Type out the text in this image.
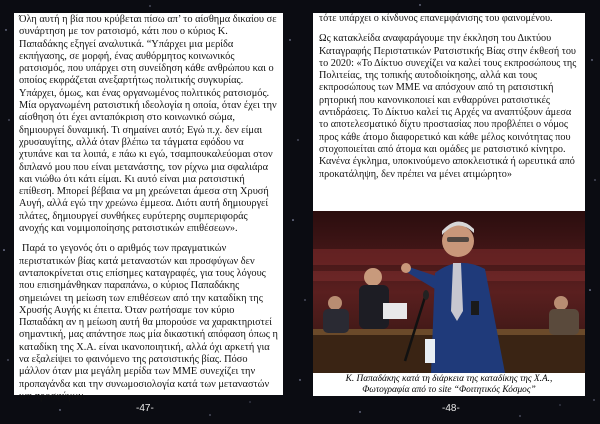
Όλη αυτή η βία που κρύβεται πίσω απ’ το αίσθημα δικαίου σε συνάρτηση με τον ρατσισμό, κάτι που ο κύριος Κ. Παπαδάκης εξηγεί αναλυτικά. “Υπάρχει μια μερίδα εκπήγασης, σε μορφή, ένας αυθόρμητος κοινωνικός ρατσισμός, που υπάρχει στη συνείδηση κάθε ανθρώπου και ο οποίος εκφράζεται ανεξαρτήτως πολιτικής συγκυρίας. Υπάρχει, όμως, και ένας οργανωμένος πολιτικός ρατσισμός. Μία οργανωμένη ρατσιστική ιδεολογία η οποία, όταν έχει την αίσθηση ότι έχει ανταπόκριση στο κοινωνικό σώμα, δημιουργεί δυναμική. Τι σημαίνει αυτό; Εγώ π.χ. δεν είμαι χρυσαυγίτης, αλλά όταν βλέπω τα τάγματα εφόδου να χτυπάνε και τα λοιπά, ε πάω κι εγώ, τσαμπουκαλεύομαι στον διπλανό μου που είναι μετανάστης, τον ρίχνω μια σφαλιάρα και νιώθω ότι κάτι είμαι. Κι αυτό είναι μια ρατσιστική επίθεση. Μπορεί βέβαια να μη χρεώνεται άμεσα στη Χρυσή Αυγή, αλλά εγώ την χρεώνω έμμεσα. Διότι αυτή δημιουργεί πλάτες, δημιουργεί συνθήκες ευρύτερης συμπεριφοράς ανοχής και νομιμοποίησης ρατσιστικών επιθέσεων».

Παρά το γεγονός ότι ο αριθμός των πραγματικών περιστατικών βίας κατά μεταναστών και προσφύγων δεν ανταποκρίνεται στις επίσημες καταγραφές, για τους λόγους που επισημάνθηκαν παραπάνω, ο κύριος Παπαδάκης σημειώνει τη μείωση των επιθέσεων από την καταδίκη της Χρυσής Αυγής κι έπειτα. Όταν ρωτήσαμε τον κύριο Παπαδάκη αν η μείωση αυτή θα μπορούσε να χαρακτηριστεί σημαντική, μας απάντησε πως μία δικαστική απόφαση όπως η καταδίκη της Χ.Α. είναι ικανοποιητική, αλλά όχι αρκετή για να εξαλείψει το φαινόμενο της ρατσιστικής βίας. Πόσο μάλλον όταν μια μεγάλη μερίδα των ΜΜΕ συνεχίζει την προπαγάνδα και την συνωμοσιολογία κατά των μεταναστών και προσφύγων,

τότε υπάρχει ο κίνδυνος επανεμφάνισης του φαινομένου.

Ως κατακλείδα αναφαράγουμε την έκκληση του Δικτύου Καταγραφής Περιστατικών Ρατσιστικής Βίας στην έκθεσή του το 2020: «Το Δίκτυο συνεχίζει να καλεί τους εκπροσώπους της Πολιτείας, της τοπικής αυτοδιοίκησης, αλλά και τους εκπροσώπους των ΜΜΕ να απόσχουν από τη ρατσιστική ρητορική που κανονικοποιεί και ενθαρρύνει ρατσιστικές αντιδράσεις. Το Δίκτυο καλεί τις Αρχές να αναπτύξουν άμεσα το αποτελεσματικό δίχτυ προστασίας που προβλέπει ο νόμος προς κάθε άτομο διαφορετικό και κάθε μέλος κοινότητας που στοχοποιείται από άτομα και ομάδες με ρατσιστικό κίνητρο. Κανένα έγκλημα, υποκινούμενο αποκλειστικά ή ωρευτικά από προκατάληψη, δεν πρέπει να μένει ατιμώρητο»

Κ. Παπαδάκης κατά τη διάρκεια της καταδίκης της Χ.Α.,
Φωτογραφία από το site “Φοιτητικός Κόσμος”
-47-	-48-
